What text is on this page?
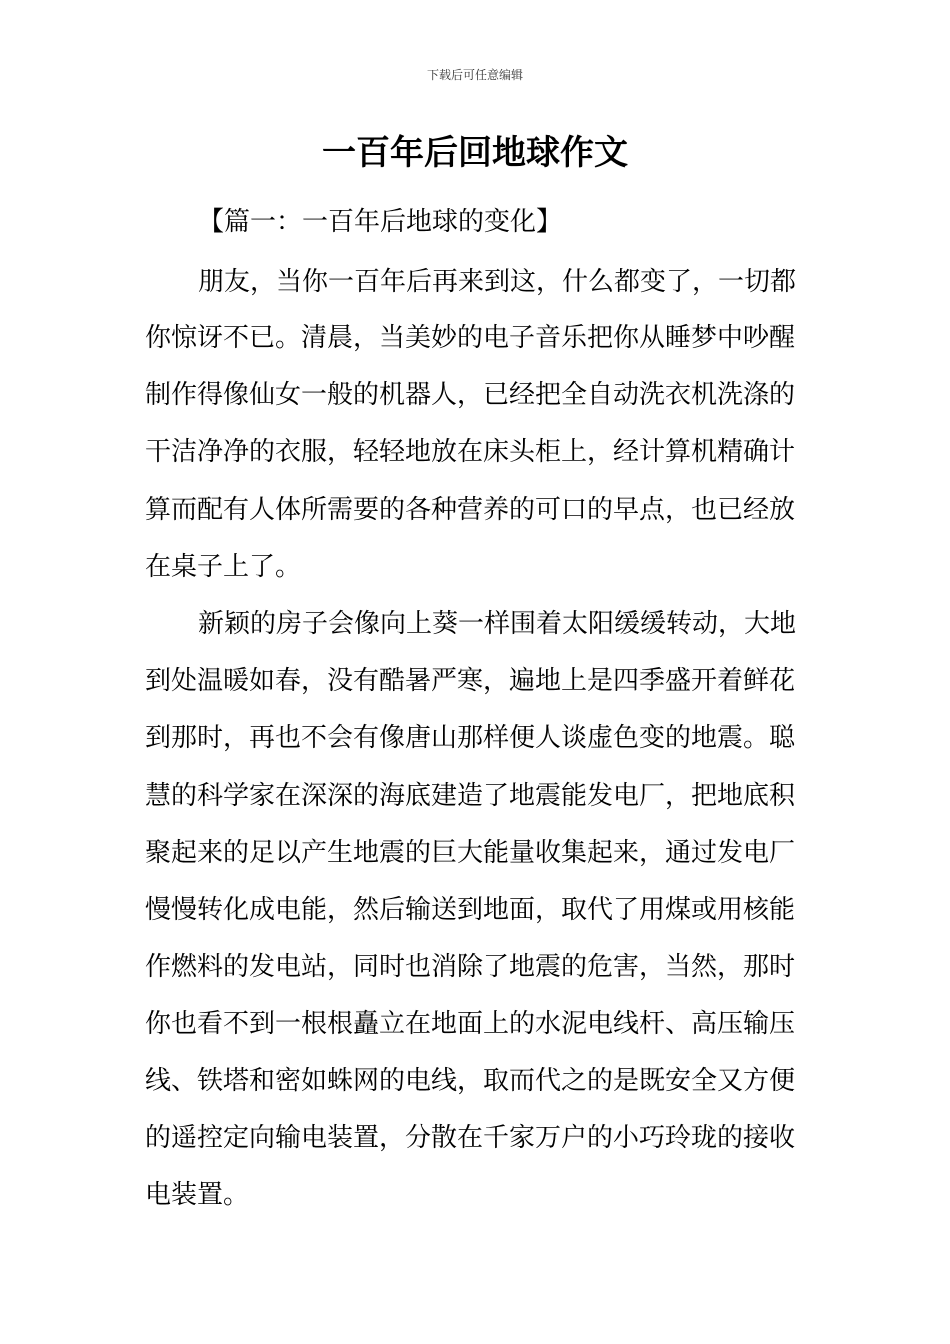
下载后可任意编辑
一百年后回地球作文
【篇一：一百年后地球的变化】

朋友，当你一百年后再来到这，什么都变了，一切都

你惊讶不已。清晨，当美妙的电子音乐把你从睡梦中吵醒

制作得像仙女一般的机器人，已经把全自动洗衣机洗涤的

干洁净净的衣服，轻轻地放在床头柜上，经计算机精确计

算而配有人体所需要的各种营养的可口的早点，也已经放

在桌子上了。

新颖的房子会像向上葵一样围着太阳缓缓转动，大地

到处温暖如春，没有酷暑严寒，遍地上是四季盛开着鲜花

到那时，再也不会有像唐山那样便人谈虚色变的地震。聪

慧的科学家在深深的海底建造了地震能发电厂，把地底积

聚起来的足以产生地震的巨大能量收集起来，通过发电厂

慢慢转化成电能，然后输送到地面，取代了用煤或用核能

作燃料的发电站，同时也消除了地震的危害，当然，那时

你也看不到一根根矗立在地面上的水泥电线杆、高压输压

线、铁塔和密如蛛网的电线，取而代之的是既安全又方便

的遥控定向输电装置，分散在千家万户的小巧玲珑的接收

电装置。
